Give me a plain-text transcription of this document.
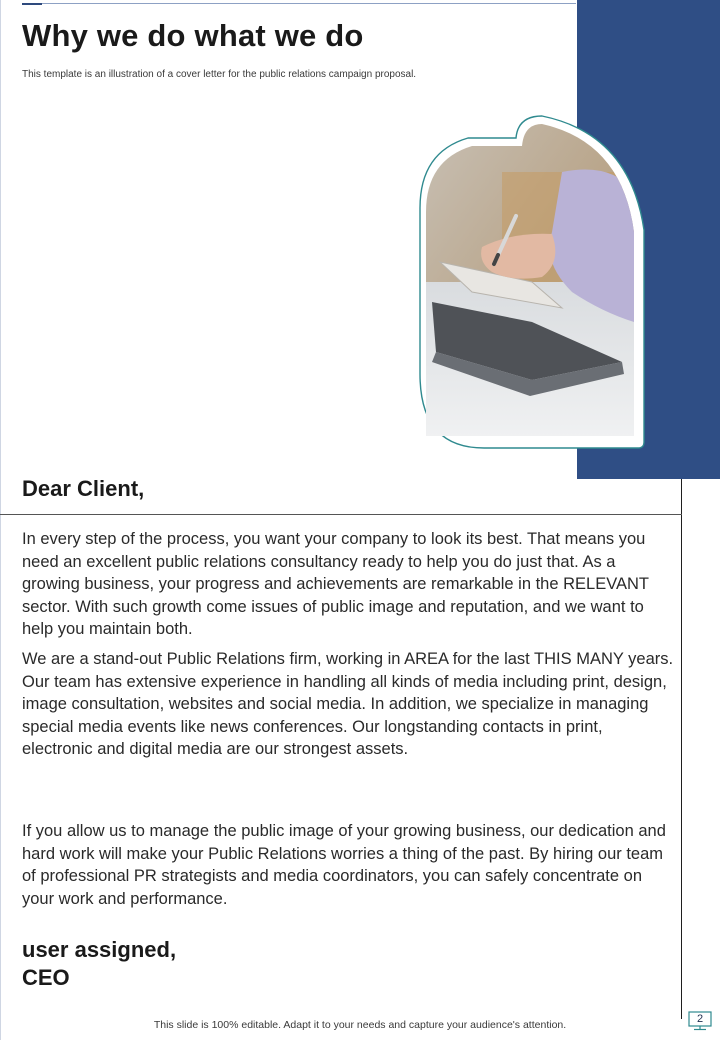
Why we do what we do

This template is an illustration of a cover letter for the public relations campaign proposal.

Dear Client,

In every step of the process, you want your company to look its best. That means you need an excellent public relations consultancy ready to help you do just that. As a growing business, your progress and achievements are remarkable in the RELEVANT sector. With such growth come issues of public image and reputation, and we want to help you maintain both.

We are a stand-out Public Relations firm, working in AREA for the last THIS MANY years. Our team has extensive experience in handling all kinds of media including print, design, image consultation, websites and social media. In addition, we specialize in managing special media events like news conferences. Our longstanding contacts in print, electronic and digital media are our strongest assets.

If you allow us to manage the public image of your growing business, our dedication and hard work will make your Public Relations worries a thing of the past. By hiring our team of professional PR strategists and media coordinators, you can safely concentrate on your work and performance.

user assigned,
CEO

This slide is 100% editable. Adapt it to your needs and capture your audience's attention.	2
